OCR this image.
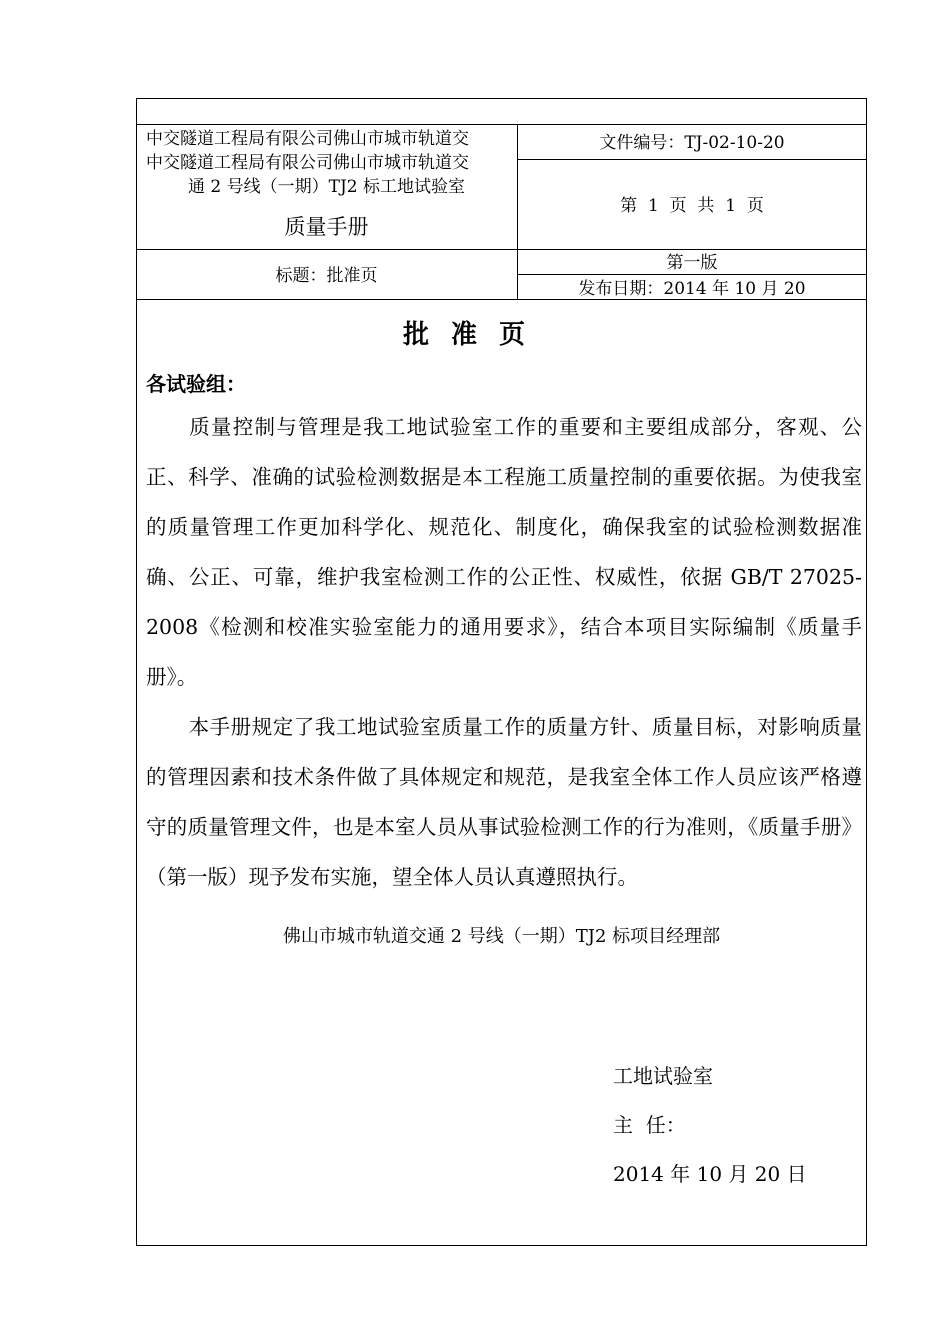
中交隧道工程局有限公司佛山市城市轨道交
中交隧道工程局有限公司佛山市城市轨道交
通 2 号线（一期）TJ2 标工地试验室
质量手册
文件编号：TJ-02-10-20
第  1  页  共  1  页
标题：批准页
第一版
发布日期：2014 年 10 月 20
批准页
各试验组：
质量控制与管理是我工地试验室工作的重要和主要组成部分，客观、公正、科学、准确的试验检测数据是本工程施工质量控制的重要依据。为使我室的质量管理工作更加科学化、规范化、制度化，确保我室的试验检测数据准确、公正、可靠，维护我室检测工作的公正性、权威性，依据 GB/T 27025-2008《检测和校准实验室能力的通用要求》，结合本项目实际编制《质量手册》。
本手册规定了我工地试验室质量工作的质量方针、质量目标，对影响质量的管理因素和技术条件做了具体规定和规范，是我室全体工作人员应该严格遵守的质量管理文件，也是本室人员从事试验检测工作的行为准则，《质量手册》（第一版）现予发布实施，望全体人员认真遵照执行。
佛山市城市轨道交通 2 号线（一期）TJ2 标项目经理部
工地试验室
主  任：
2014 年 10 月 20 日
